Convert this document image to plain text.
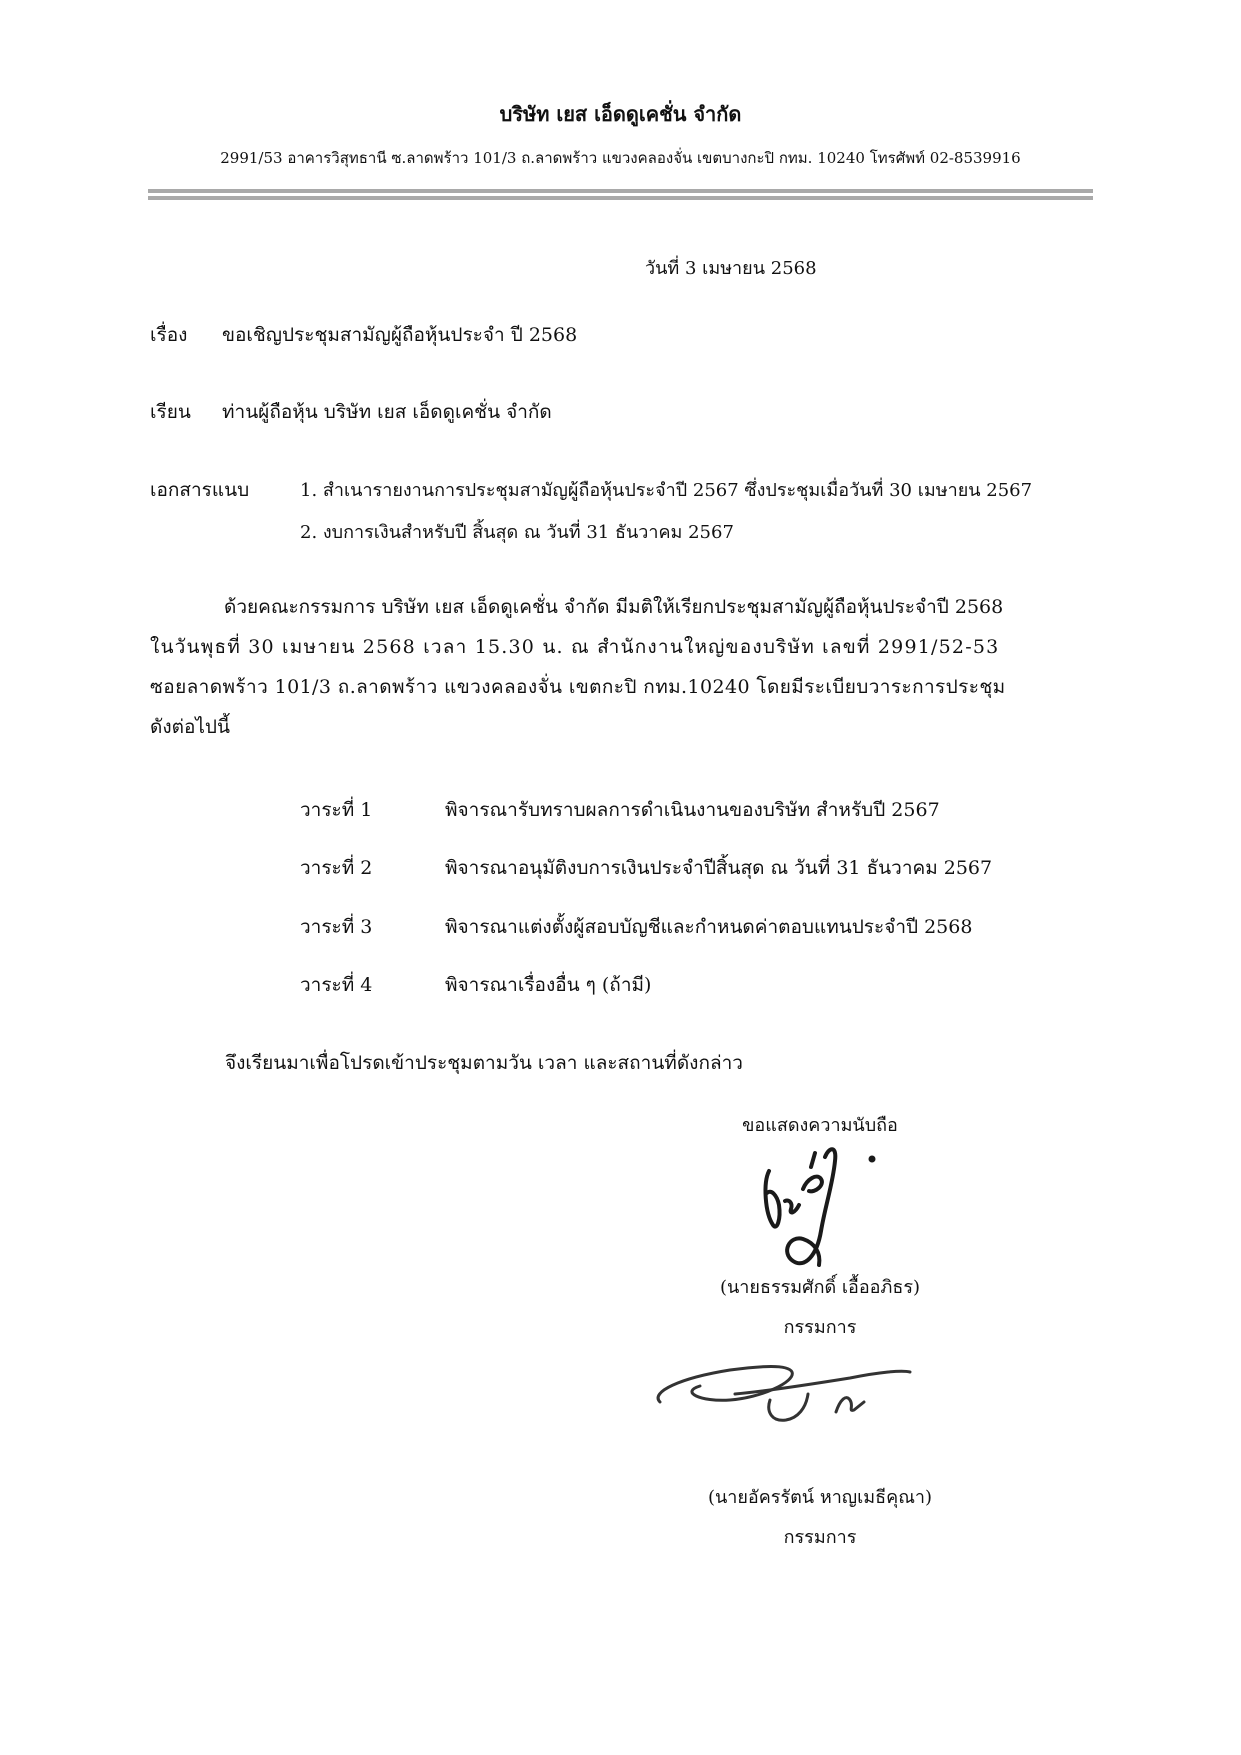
บริษัท เยส เอ็ดดูเคชั่น จำกัด
2991/53 อาคารวิสุทธานี ซ.ลาดพร้าว 101/3 ถ.ลาดพร้าว แขวงคลองจั่น เขตบางกะปิ กทม. 10240 โทรศัพท์ 02-8539916
วันที่ 3 เมษายน 2568
เรื่อง ขอเชิญประชุมสามัญผู้ถือหุ้นประจำ ปี 2568
เรียน ท่านผู้ถือหุ้น บริษัท เยส เอ็ดดูเคชั่น จำกัด
เอกสารแนบ	1. สำเนารายงานการประชุมสามัญผู้ถือหุ้นประจำปี 2567 ซึ่งประชุมเมื่อวันที่ 30 เมษายน 2567
2. งบการเงินสำหรับปี สิ้นสุด ณ วันที่ 31 ธันวาคม 2567
ด้วยคณะกรรมการ บริษัท เยส เอ็ดดูเคชั่น จำกัด มีมติให้เรียกประชุมสามัญผู้ถือหุ้นประจำปี 2568
ในวันพุธที่ 30 เมษายน 2568 เวลา 15.30 น. ณ สำนักงานใหญ่ของบริษัท เลขที่ 2991/52-53
ซอยลาดพร้าว 101/3 ถ.ลาดพร้าว แขวงคลองจั่น เขตกะปิ กทม.10240 โดยมีระเบียบวาระการประชุม
ดังต่อไปนี้
วาระที่ 1	พิจารณารับทราบผลการดำเนินงานของบริษัท สำหรับปี 2567
วาระที่ 2	พิจารณาอนุมัติงบการเงินประจำปีสิ้นสุด ณ วันที่ 31 ธันวาคม 2567
วาระที่ 3	พิจารณาแต่งตั้งผู้สอบบัญชีและกำหนดค่าตอบแทนประจำปี 2568
วาระที่ 4	พิจารณาเรื่องอื่น ๆ (ถ้ามี)
จึงเรียนมาเพื่อโปรดเข้าประชุมตามวัน เวลา และสถานที่ดังกล่าว
ขอแสดงความนับถือ
(นายธรรมศักดิ์ เอื้ออภิธร)
กรรมการ
(นายอัครรัตน์ หาญเมธีคุณา)
กรรมการ
